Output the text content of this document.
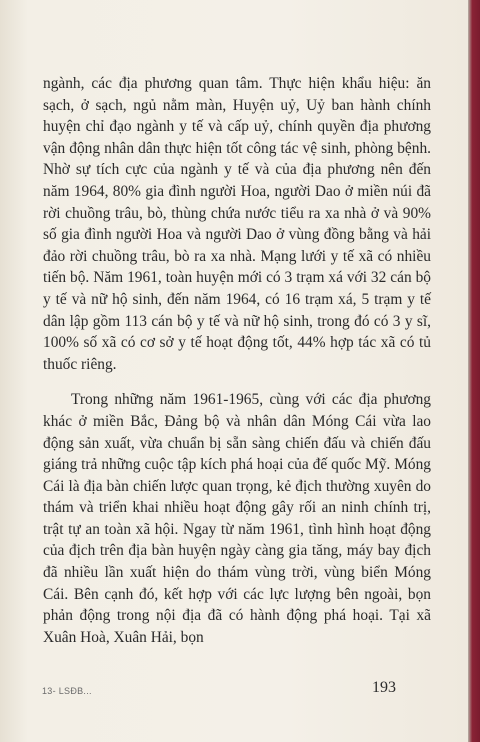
ngành, các địa phương quan tâm. Thực hiện khẩu hiệu: ăn sạch, ở sạch, ngủ nằm màn, Huyện uỷ, Uỷ ban hành chính huyện chỉ đạo ngành y tế và cấp uỷ, chính quyền địa phương vận động nhân dân thực hiện tốt công tác vệ sinh, phòng bệnh. Nhờ sự tích cực của ngành y tế và của địa phương nên đến năm 1964, 80% gia đình người Hoa, người Dao ở miền núi đã rời chuồng trâu, bò, thùng chứa nước tiểu ra xa nhà ở và 90% số gia đình người Hoa và người Dao ở vùng đồng bằng và hải đảo rời chuồng trâu, bò ra xa nhà. Mạng lưới y tế xã có nhiều tiến bộ. Năm 1961, toàn huyện mới có 3 trạm xá với 32 cán bộ y tế và nữ hộ sinh, đến năm 1964, có 16 trạm xá, 5 trạm y tế dân lập gồm 113 cán bộ y tế và nữ hộ sinh, trong đó có 3 y sĩ, 100% số xã có cơ sở y tế hoạt động tốt, 44% hợp tác xã có tủ thuốc riêng.

Trong những năm 1961-1965, cùng với các địa phương khác ở miền Bắc, Đảng bộ và nhân dân Móng Cái vừa lao động sản xuất, vừa chuẩn bị sẵn sàng chiến đấu và chiến đấu giáng trả những cuộc tập kích phá hoại của đế quốc Mỹ. Móng Cái là địa bàn chiến lược quan trọng, kẻ địch thường xuyên do thám và triển khai nhiều hoạt động gây rối an ninh chính trị, trật tự an toàn xã hội. Ngay từ năm 1961, tình hình hoạt động của địch trên địa bàn huyện ngày càng gia tăng, máy bay địch đã nhiều lần xuất hiện do thám vùng trời, vùng biển Móng Cái. Bên cạnh đó, kết hợp với các lực lượng bên ngoài, bọn phản động trong nội địa đã có hành động phá hoại. Tại xã Xuân Hoà, Xuân Hải, bọn

13- LSĐB...	193
